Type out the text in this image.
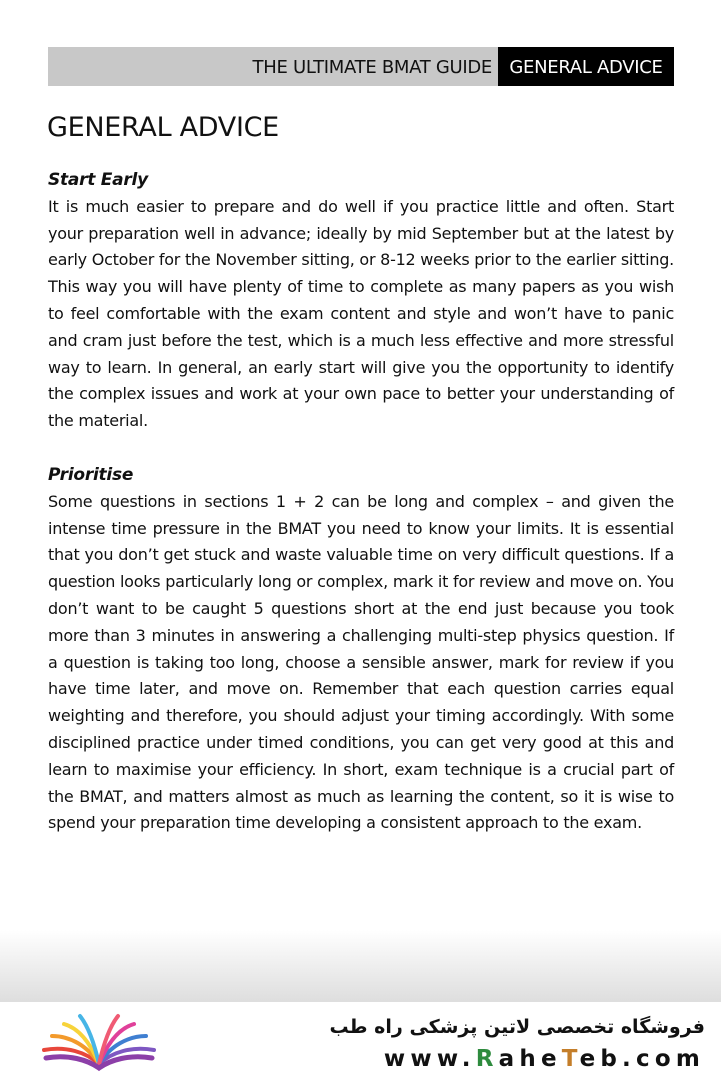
THE ULTIMATE BMAT GUIDE GENERAL ADVICE
GENERAL ADVICE

Start Early

It is much easier to prepare and do well if you practice little and often. Start your preparation well in advance; ideally by mid September but at the latest by early October for the November sitting, or 8-12 weeks prior to the earlier sitting. This way you will have plenty of time to complete as many papers as you wish to feel comfortable with the exam content and style and won’t have to panic and cram just before the test, which is a much less effective and more stressful way to learn. In general, an early start will give you the opportunity to identify the complex issues and work at your own pace to better your understanding of the material.

Prioritise

Some questions in sections 1 + 2 can be long and complex – and given the intense time pressure in the BMAT you need to know your limits. It is essential that you don’t get stuck and waste valuable time on very difficult questions. If a question looks particularly long or complex, mark it for review and move on. You don’t want to be caught 5 questions short at the end just because you took more than 3 minutes in answering a challenging multi-step physics question. If a question is taking too long, choose a sensible answer, mark for review if you have time later, and move on. Remember that each question carries equal weighting and therefore, you should adjust your timing accordingly. With some disciplined practice under timed conditions, you can get very good at this and learn to maximise your efficiency. In short, exam technique is a crucial part of the BMAT, and matters almost as much as learning the content, so it is wise to spend your preparation time developing a consistent approach to the exam.

فروشگاه تخصصی لاتین پزشکی راه طب
www.RaheTeb.com
